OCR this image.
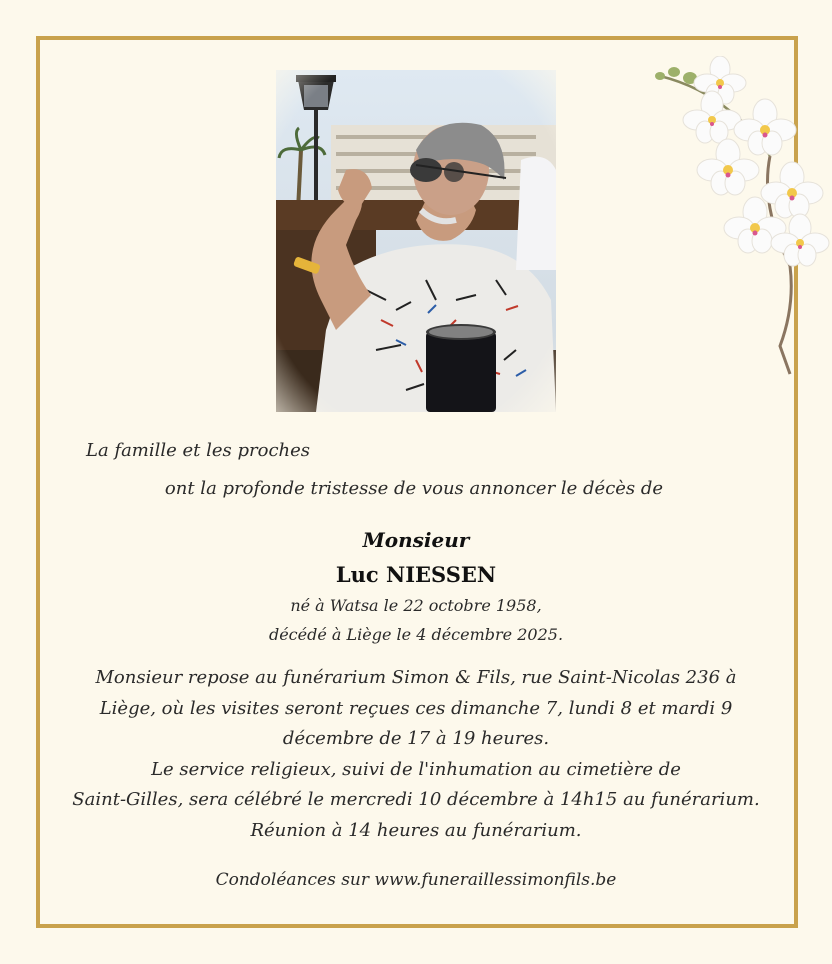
La famille et les proches
ont la profonde tristesse de vous annoncer le décès de
Monsieur
Luc NIESSEN
né à Watsa le 22 octobre 1958,
décédé à Liège le 4 décembre 2025.
Monsieur repose au funérarium Simon & Fils, rue Saint-Nicolas 236 à
Liège, où les visites seront reçues ces dimanche 7, lundi 8 et mardi 9
décembre de 17 à 19 heures.
Le service religieux, suivi de l'inhumation au cimetière de
Saint-Gilles, sera célébré le mercredi 10 décembre à 14h15 au funérarium.
Réunion à 14 heures au funérarium.
Condoléances sur www.funeraillessimonfils.be
